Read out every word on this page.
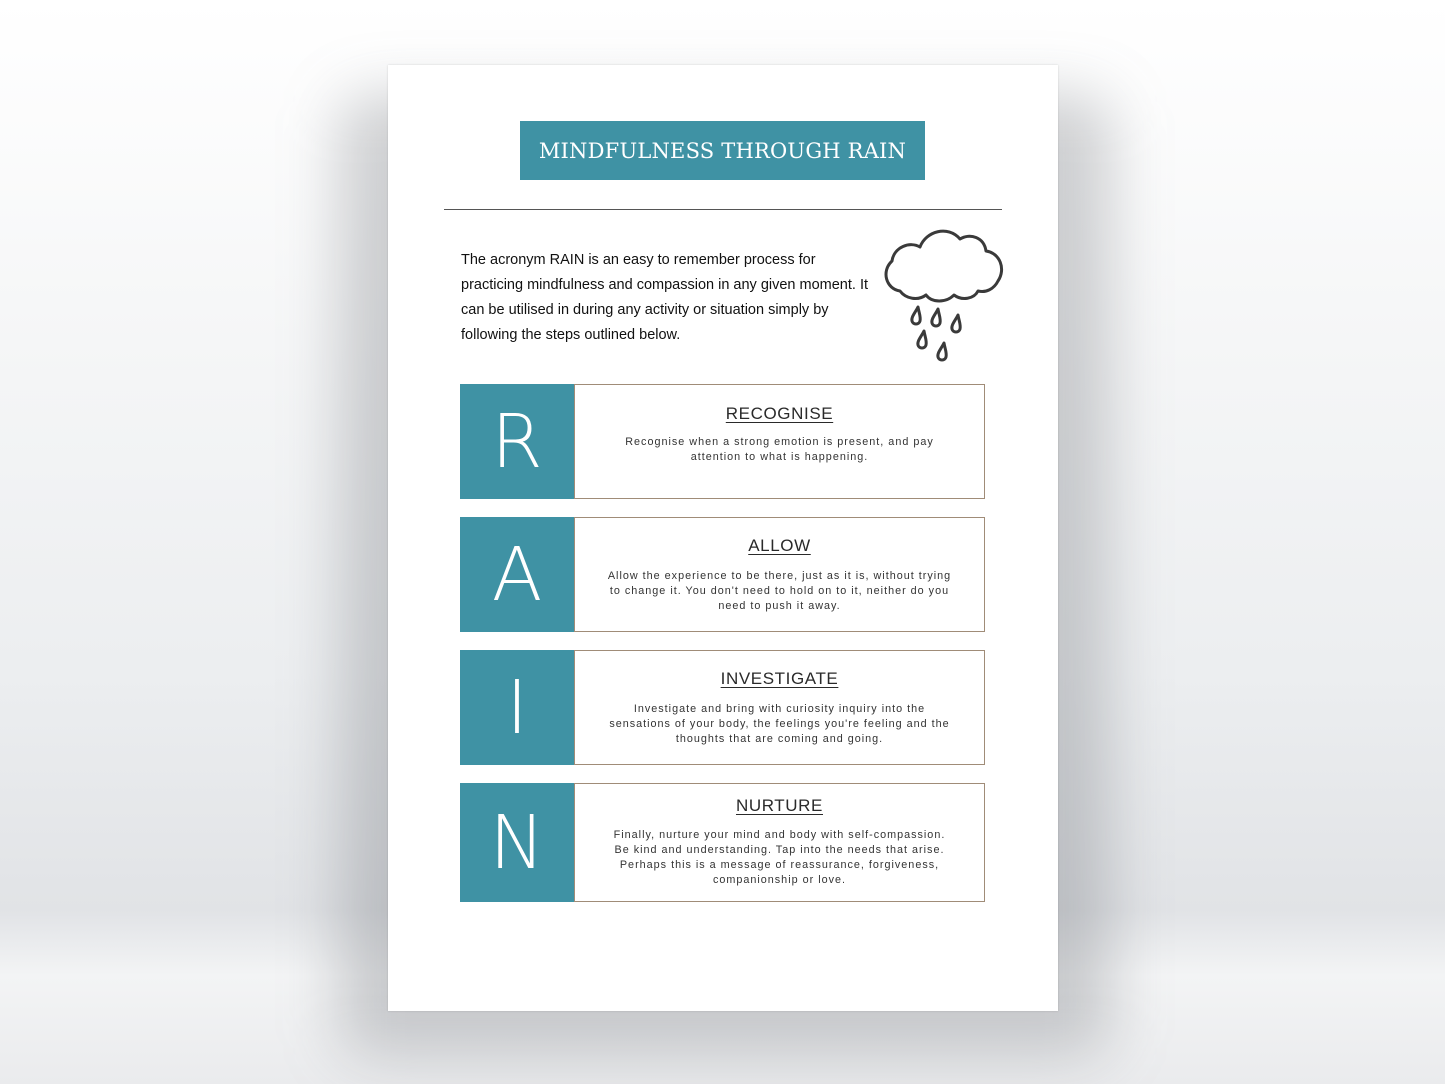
MINDFULNESS THROUGH RAIN

The acronym RAIN is an easy to remember process for practicing mindfulness and compassion in any given moment. It can be utilised in during any activity or situation simply by following the steps outlined below.

R	RECOGNISE

Recognise when a strong emotion is present, and pay attention to what is happening.

A	ALLOW

Allow the experience to be there, just as it is, without trying to change it. You don't need to hold on to it, neither do you need to push it away.

I	INVESTIGATE

Investigate and bring with curiosity inquiry into the sensations of your body, the feelings you're feeling and the thoughts that are coming and going.

N	NURTURE

Finally, nurture your mind and body with self-compassion. Be kind and understanding. Tap into the needs that arise. Perhaps this is a message of reassurance, forgiveness, companionship or love.
